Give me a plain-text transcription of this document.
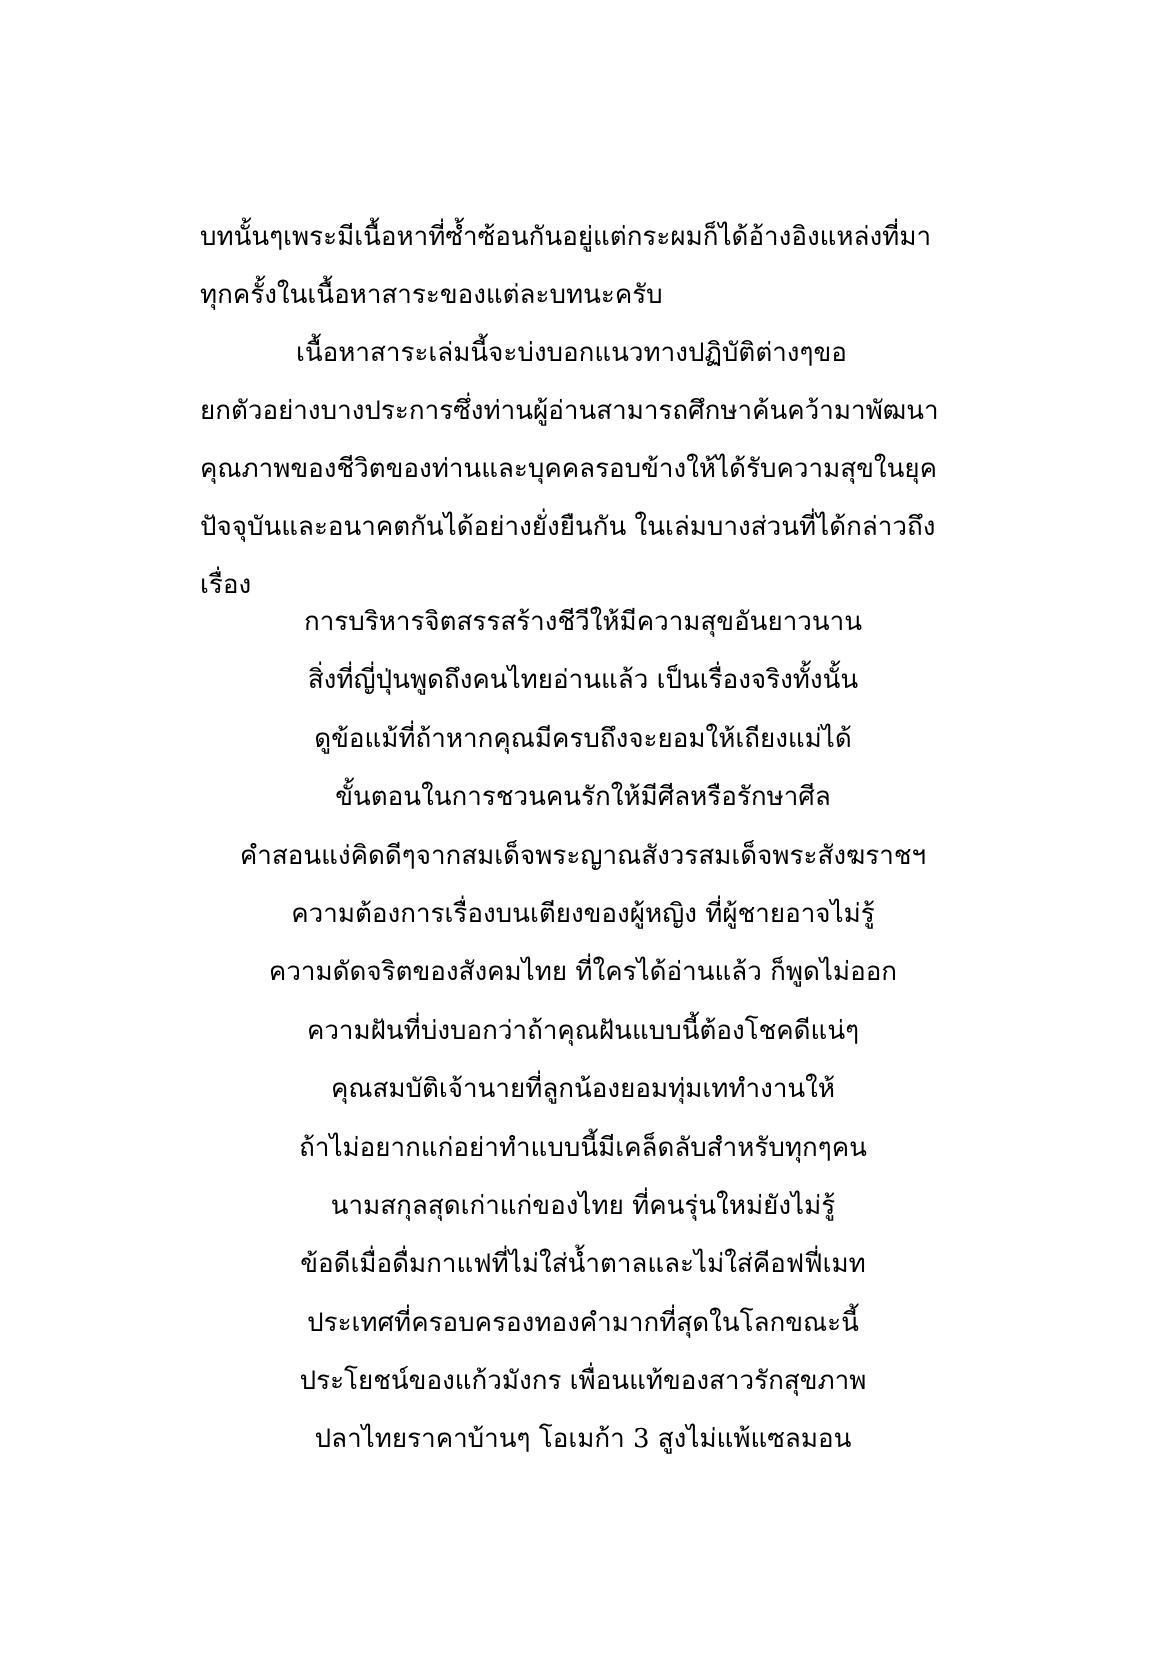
บทนั้นๆเพระมีเนื้อหาที่ซ้ำซ้อนกันอยู่แต่กระผมก็ได้อ้างอิงแหล่งที่มา
ทุกครั้งในเนื้อหาสาระของแต่ละบทนะครับ
เนื้อหาสาระเล่มนี้จะบ่งบอกแนวทางปฏิบัติต่างๆขอ
ยกตัวอย่างบางประการซึ่งท่านผู้อ่านสามารถศึกษาค้นคว้ามาพัฒนา
คุณภาพของชีวิตของท่านและบุคคลรอบข้างให้ได้รับความสุขในยุค
ปัจจุบันและอนาคตกันได้อย่างยั่งยืนกัน ในเล่มบางส่วนที่ได้กล่าวถึง
เรื่อง
การบริหารจิตสรรสร้างชีวีให้มีความสุขอันยาวนาน
สิ่งที่ญี่ปุ่นพูดถึงคนไทยอ่านแล้ว เป็นเรื่องจริงทั้งนั้น
ดูข้อแม้ที่ถ้าหากคุณมีครบถึงจะยอมให้เถียงแม่ได้
ขั้นตอนในการชวนคนรักให้มีศีลหรือรักษาศีล
คำสอนแง่คิดดีๆจากสมเด็จพระญาณสังวรสมเด็จพระสังฆราชฯ
ความต้องการเรื่องบนเตียงของผู้หญิง ที่ผู้ชายอาจไม่รู้
ความดัดจริตของสังคมไทย ที่ใครได้อ่านแล้ว ก็พูดไม่ออก
ความฝันที่บ่งบอกว่าถ้าคุณฝันแบบนี้ต้องโชคดีแน่ๆ
คุณสมบัติเจ้านายที่ลูกน้องยอมทุ่มเททำงานให้
ถ้าไม่อยากแก่อย่าทำแบบนี้มีเคล็ดลับสำหรับทุกๆคน
นามสกุลสุดเก่าแก่ของไทย ที่คนรุ่นใหม่ยังไม่รู้
ข้อดีเมื่อดื่มกาแฟที่ไม่ใส่น้ำตาลและไม่ใส่คีอฟฟี่เมท
ประเทศที่ครอบครองทองคำมากที่สุดในโลกขณะนี้
ประโยชน์ของแก้วมังกร เพื่อนแท้ของสาวรักสุขภาพ
ปลาไทยราคาบ้านๆ โอเมก้า 3 สูงไม่แพ้แซลมอน
